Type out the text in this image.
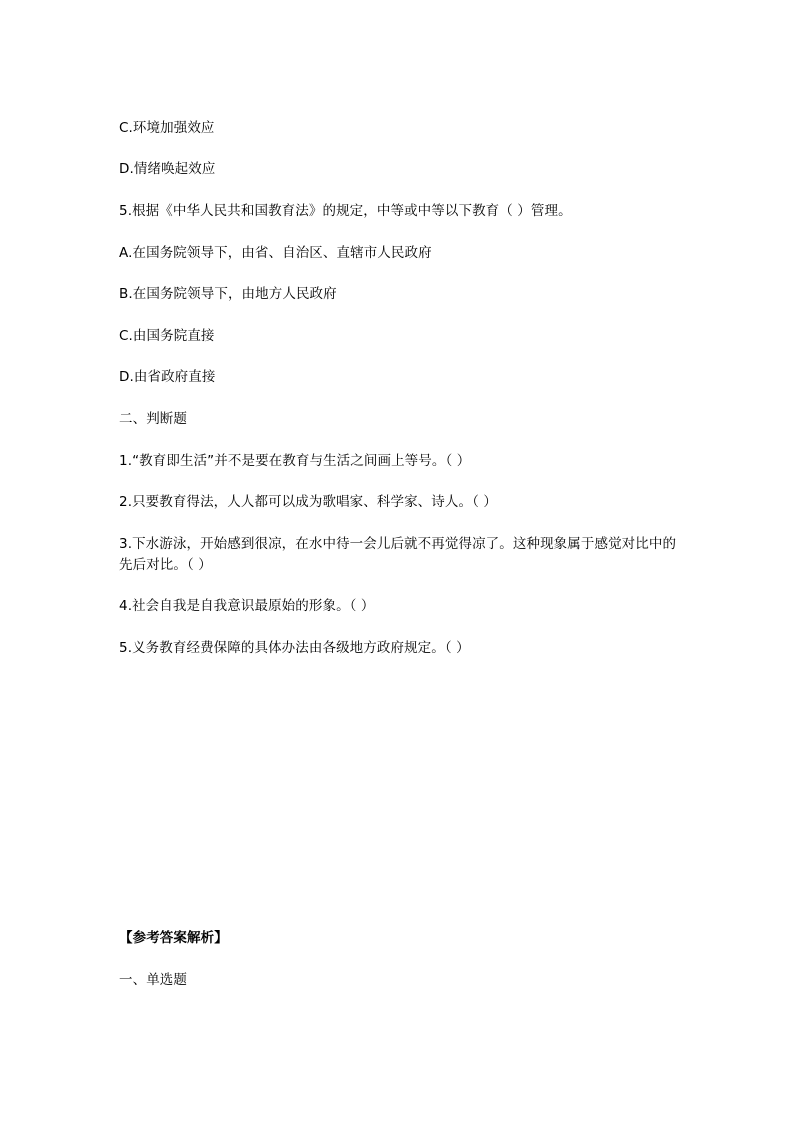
C.环境加强效应
D.情绪唤起效应
5.根据《中华人民共和国教育法》的规定，中等或中等以下教育（ ）管理。
A.在国务院领导下，由省、自治区、直辖市人民政府
B.在国务院领导下，由地方人民政府
C.由国务院直接
D.由省政府直接
二、判断题
1.“教育即生活”并不是要在教育与生活之间画上等号。（ ）
2.只要教育得法，人人都可以成为歌唱家、科学家、诗人。（ ）
3.下水游泳，开始感到很凉，在水中待一会儿后就不再觉得凉了。这种现象属于感觉对比中的先后对比。（ ）
4.社会自我是自我意识最原始的形象。（ ）
5.义务教育经费保障的具体办法由各级地方政府规定。（ ）
【参考答案解析】
一、单选题
